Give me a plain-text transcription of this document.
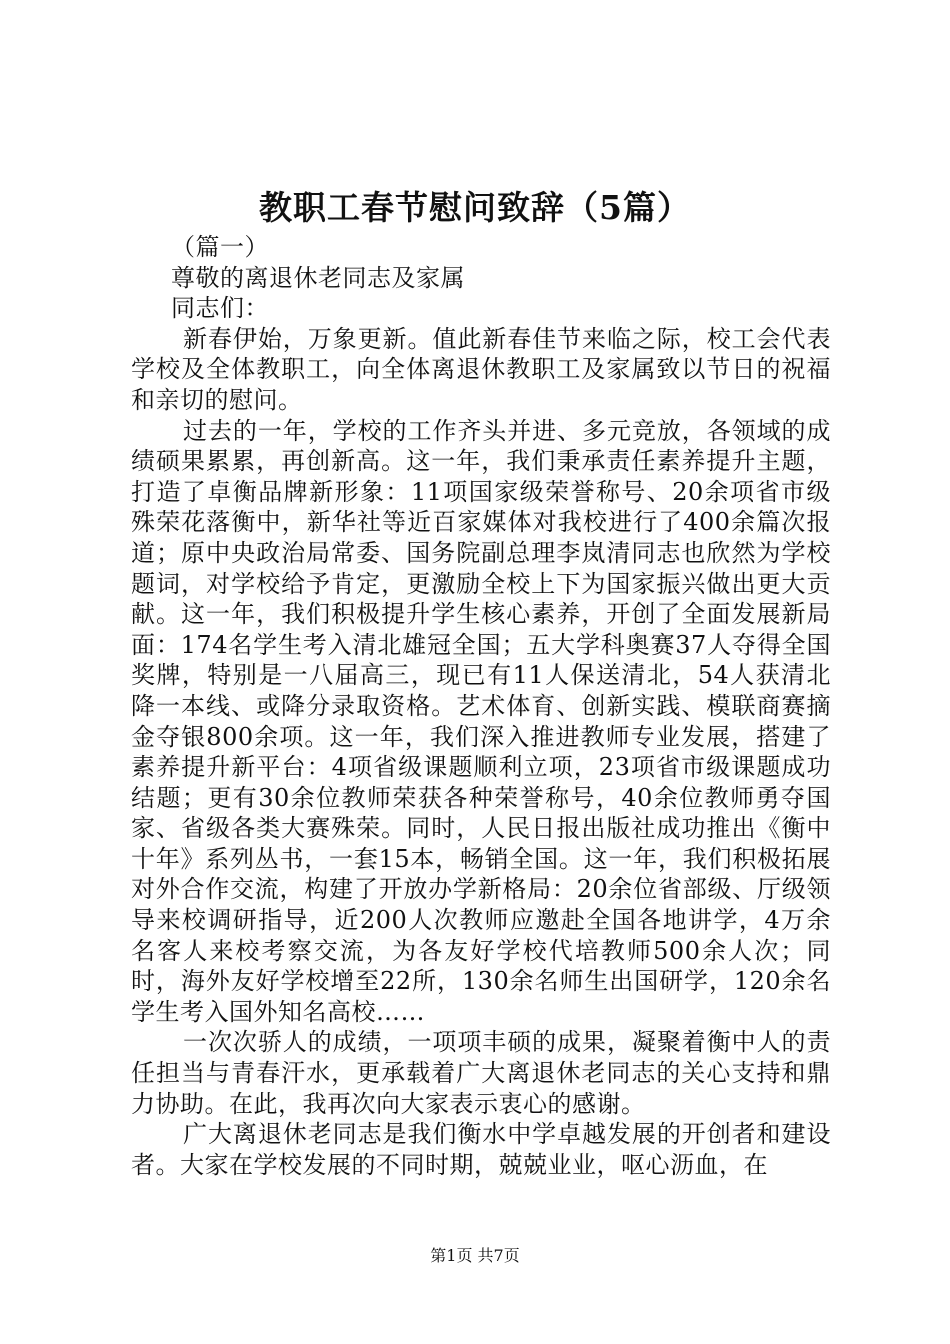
教职工春节慰问致辞（5篇）
（篇一）
尊敬的离退休老同志及家属
同志们：
新春伊始，万象更新。值此新春佳节来临之际，校工会代表学校及全体教职工，向全体离退休教职工及家属致以节日的祝福和亲切的慰问。
过去的一年，学校的工作齐头并进、多元竞放，各领域的成绩硕果累累，再创新高。这一年，我们秉承责任素养提升主题，打造了卓衡品牌新形象：11项国家级荣誉称号、20余项省市级殊荣花落衡中，新华社等近百家媒体对我校进行了400余篇次报道；原中央政治局常委、国务院副总理李岚清同志也欣然为学校题词，对学校给予肯定，更激励全校上下为国家振兴做出更大贡献。这一年，我们积极提升学生核心素养，开创了全面发展新局面：174名学生考入清北雄冠全国；五大学科奥赛37人夺得全国奖牌，特别是一八届高三，现已有11人保送清北，54人获清北降一本线、或降分录取资格。艺术体育、创新实践、模联商赛摘金夺银800余项。这一年，我们深入推进教师专业发展，搭建了素养提升新平台：4项省级课题顺利立项，23项省市级课题成功结题；更有30余位教师荣获各种荣誉称号，40余位教师勇夺国家、省级各类大赛殊荣。同时，人民日报出版社成功推出《衡中十年》系列丛书，一套15本，畅销全国。这一年，我们积极拓展对外合作交流，构建了开放办学新格局：20余位省部级、厅级领导来校调研指导，近200人次教师应邀赴全国各地讲学，4万余名客人来校考察交流，为各友好学校代培教师500余人次；同时，海外友好学校增至22所，130余名师生出国研学，120余名学生考入国外知名高校……
一次次骄人的成绩，一项项丰硕的成果，凝聚着衡中人的责任担当与青春汗水，更承载着广大离退休老同志的关心支持和鼎力协助。在此，我再次向大家表示衷心的感谢。
广大离退休老同志是我们衡水中学卓越发展的开创者和建设者。大家在学校发展的不同时期，兢兢业业，呕心沥血，在
第1页 共7页
